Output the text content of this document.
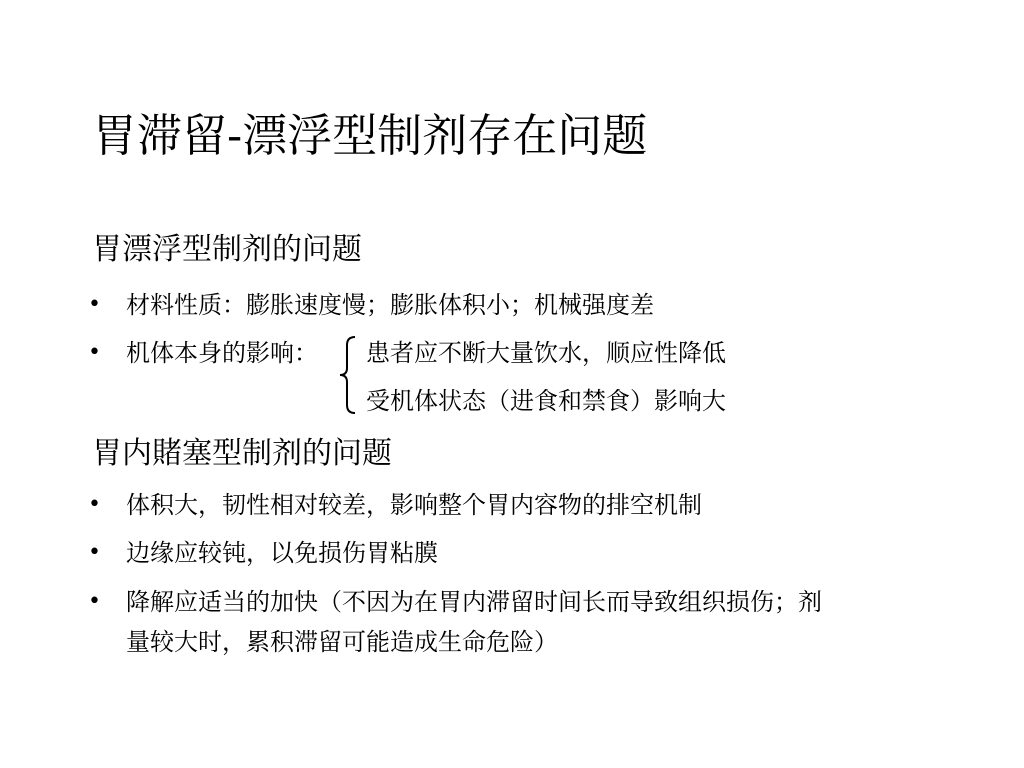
胃滞留-漂浮型制剂存在问题
胃漂浮型制剂的问题
• 材料性质：膨胀速度慢；膨胀体积小；机械强度差
• 机体本身的影响： 患者应不断大量饮水，顺应性降低
受机体状态（进食和禁食）影响大
胃内賭塞型制剂的问题
• 体积大，韧性相对较差，影响整个胃内容物的排空机制
• 边缘应较钝，以免损伤胃粘膜
• 降解应适当的加快（不因为在胃内滞留时间长而导致组织损伤；剂
量较大时，累积滞留可能造成生命危险）
